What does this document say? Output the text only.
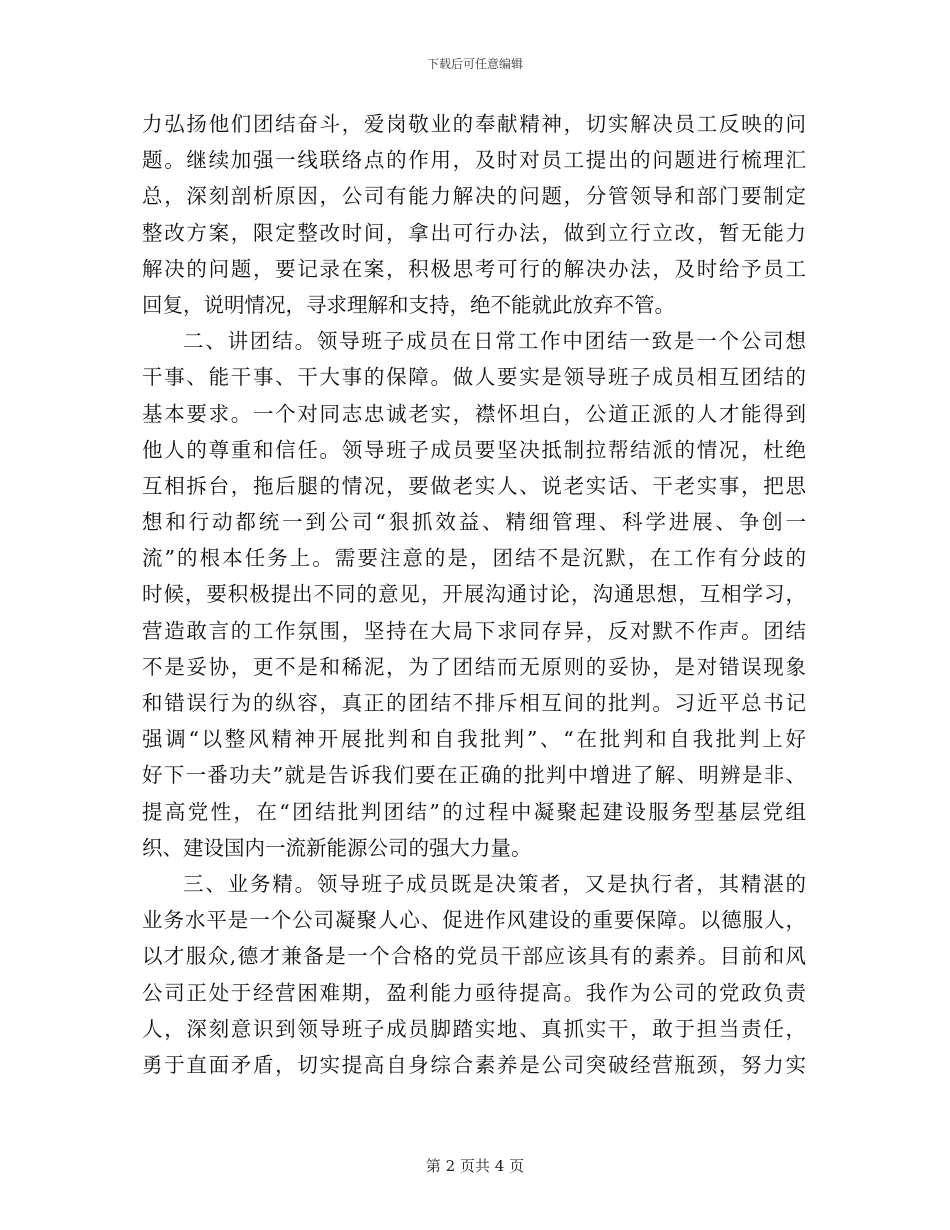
下载后可任意编辑
力弘扬他们团结奋斗，爱岗敬业的奉献精神，切实解决员工反映的问
题。继续加强一线联络点的作用，及时对员工提出的问题进行梳理汇
总，深刻剖析原因，公司有能力解决的问题，分管领导和部门要制定
整改方案，限定整改时间，拿出可行办法，做到立行立改，暂无能力
解决的问题，要记录在案，积极思考可行的解决办法，及时给予员工
回复，说明情况，寻求理解和支持，绝不能就此放弃不管。
二、讲团结。领导班子成员在日常工作中团结一致是一个公司想
干事、能干事、干大事的保障。做人要实是领导班子成员相互团结的
基本要求。一个对同志忠诚老实，襟怀坦白，公道正派的人才能得到
他人的尊重和信任。领导班子成员要坚决抵制拉帮结派的情况，杜绝
互相拆台，拖后腿的情况，要做老实人、说老实话、干老实事，把思
想和行动都统一到公司“狠抓效益、精细管理、科学进展、争创一
流”的根本任务上。需要注意的是，团结不是沉默，在工作有分歧的
时候，要积极提出不同的意见，开展沟通讨论，沟通思想，互相学习，
营造敢言的工作氛围，坚持在大局下求同存异，反对默不作声。团结
不是妥协，更不是和稀泥，为了团结而无原则的妥协，是对错误现象
和错误行为的纵容，真正的团结不排斥相互间的批判。习近平总书记
强调“以整风精神开展批判和自我批判”、“在批判和自我批判上好
好下一番功夫”就是告诉我们要在正确的批判中增进了解、明辨是非、
提高党性，在“团结批判团结”的过程中凝聚起建设服务型基层党组
织、建设国内一流新能源公司的强大力量。
三、业务精。领导班子成员既是决策者，又是执行者，其精湛的
业务水平是一个公司凝聚人心、促进作风建设的重要保障。以德服人，
以才服众,德才兼备是一个合格的党员干部应该具有的素养。目前和风
公司正处于经营困难期，盈利能力亟待提高。我作为公司的党政负责
人，深刻意识到领导班子成员脚踏实地、真抓实干，敢于担当责任，
勇于直面矛盾，切实提高自身综合素养是公司突破经营瓶颈，努力实
第 2 页共 4 页
